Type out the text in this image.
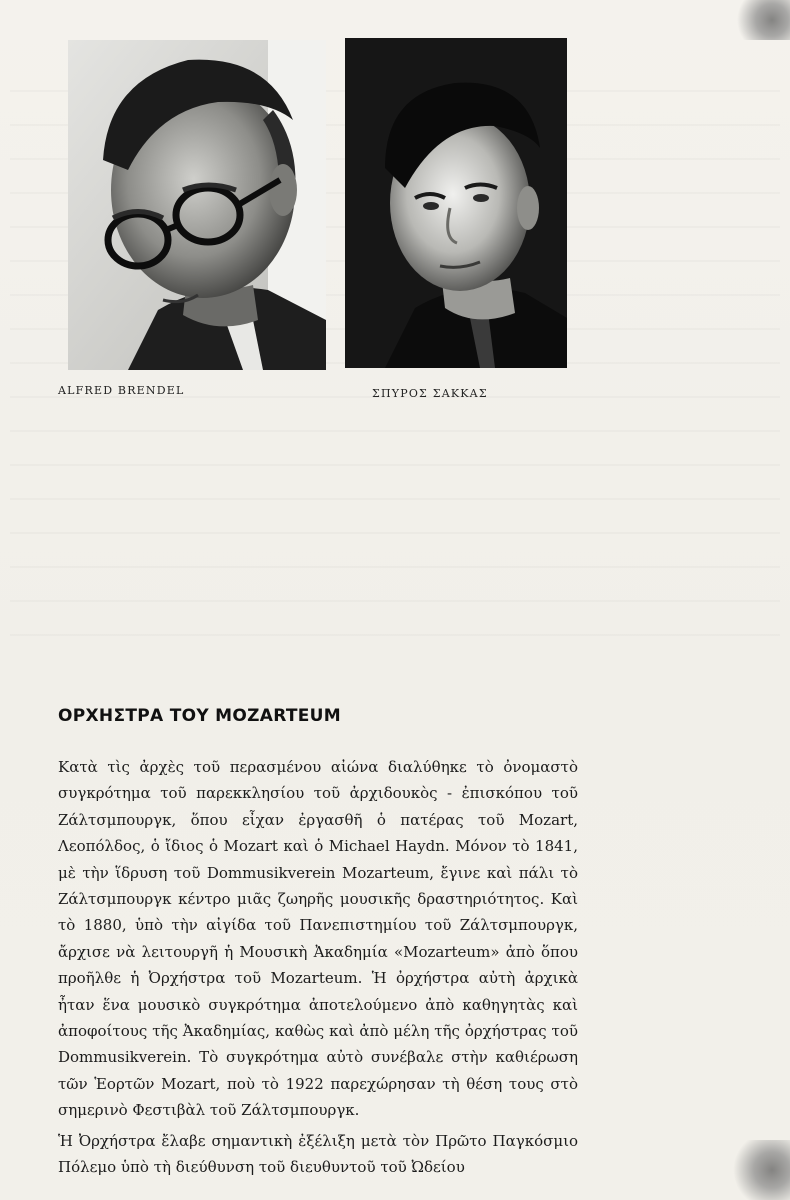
ALFRED BRENDEL	ΣΠΥΡΟΣ ΣΑΚΚΑΣ
ΟΡΧΗΣΤΡΑ ΤΟΥ MOZARTEUM

Κατὰ τὶς ἀρχὲς τοῦ περασμένου αἰώνα διαλύθηκε τὸ ὀνομαστὸ συγκρότημα τοῦ παρεκκλησίου τοῦ ἀρχιδουκὸς - ἐπισκόπου τοῦ Ζάλτσμπουργκ, ὅπου εἶχαν ἐργασθῆ ὁ πατέρας τοῦ Mozart, Λεοπόλδος, ὁ ἴδιος ὁ Mozart καὶ ὁ Michael Haydn. Μόνον τὸ 1841, μὲ τὴν ἵδρυση τοῦ Dommusikverein Mozarteum, ἔγινε καὶ πάλι τὸ Ζάλτσμπουργκ κέντρο μιᾶς ζωηρῆς μουσικῆς δραστηριότητος. Καὶ τὸ 1880, ὑπὸ τὴν αἰγίδα τοῦ Πανεπιστημίου τοῦ Ζάλτσμπουργκ, ἄρχισε νὰ λειτουργῆ ἡ Μουσικὴ Ἀκαδημία «Mozarteum» ἀπὸ ὅπου προῆλθε ἡ Ὀρχήστρα τοῦ Mozarteum. Ἡ ὀρχήστρα αὐτὴ ἀρχικὰ ἦταν ἕνα μουσικὸ συγκρότημα ἀποτελούμενο ἀπὸ καθηγητὰς καὶ ἀποφοίτους τῆς Ἀκαδημίας, καθὼς καὶ ἀπὸ μέλη τῆς ὀρχήστρας τοῦ Dommusikverein. Τὸ συγκρότημα αὐτὸ συνέβαλε στὴν καθιέρωση τῶν Ἑορτῶν Mozart, ποὺ τὸ 1922 παρεχώρησαν τὴ θέση τους στὸ σημερινὸ Φεστιβὰλ τοῦ Ζάλτσμπουργκ.

Ἡ Ὀρχήστρα ἔλαβε σημαντικὴ ἐξέλιξη μετὰ τὸν Πρῶτο Παγκόσμιο Πόλεμο ὑπὸ τὴ διεύθυνση τοῦ διευθυντοῦ τοῦ Ὠδείου
